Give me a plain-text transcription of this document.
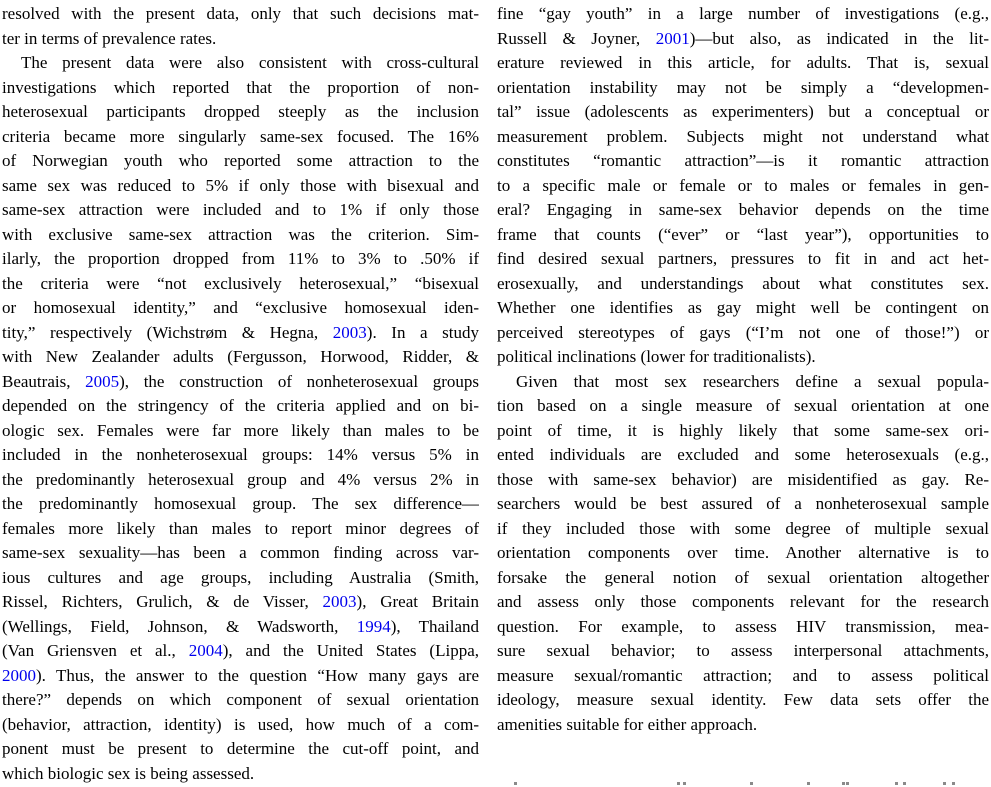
resolved with the present data, only that such decisions mat-
ter in terms of prevalence rates.
The present data were also consistent with cross-cultural
investigations which reported that the proportion of non-
heterosexual participants dropped steeply as the inclusion
criteria became more singularly same-sex focused. The 16%
of Norwegian youth who reported some attraction to the
same sex was reduced to 5% if only those with bisexual and
same-sex attraction were included and to 1% if only those
with exclusive same-sex attraction was the criterion. Sim-
ilarly, the proportion dropped from 11% to 3% to .50% if
the criteria were “not exclusively heterosexual,” “bisexual
or homosexual identity,” and “exclusive homosexual iden-
tity,” respectively (Wichstrøm & Hegna, 2003). In a study
with New Zealander adults (Fergusson, Horwood, Ridder, &
Beautrais, 2005), the construction of nonheterosexual groups
depended on the stringency of the criteria applied and on bi-
ologic sex. Females were far more likely than males to be
included in the nonheterosexual groups: 14% versus 5% in
the predominantly heterosexual group and 4% versus 2% in
the predominantly homosexual group. The sex difference—
females more likely than males to report minor degrees of
same-sex sexuality—has been a common finding across var-
ious cultures and age groups, including Australia (Smith,
Rissel, Richters, Grulich, & de Visser, 2003), Great Britain
(Wellings, Field, Johnson, & Wadsworth, 1994), Thailand
(Van Griensven et al., 2004), and the United States (Lippa,
2000). Thus, the answer to the question “How many gays are
there?” depends on which component of sexual orientation
(behavior, attraction, identity) is used, how much of a com-
ponent must be present to determine the cut-off point, and
which biologic sex is being assessed.
fine “gay youth” in a large number of investigations (e.g.,
Russell & Joyner, 2001)—but also, as indicated in the lit-
erature reviewed in this article, for adults. That is, sexual
orientation instability may not be simply a “developmen-
tal” issue (adolescents as experimenters) but a conceptual or
measurement problem. Subjects might not understand what
constitutes “romantic attraction”—is it romantic attraction
to a specific male or female or to males or females in gen-
eral? Engaging in same-sex behavior depends on the time
frame that counts (“ever” or “last year”), opportunities to
find desired sexual partners, pressures to fit in and act het-
erosexually, and understandings about what constitutes sex.
Whether one identifies as gay might well be contingent on
perceived stereotypes of gays (“I’m not one of those!”) or
political inclinations (lower for traditionalists).
Given that most sex researchers define a sexual popula-
tion based on a single measure of sexual orientation at one
point of time, it is highly likely that some same-sex ori-
ented individuals are excluded and some heterosexuals (e.g.,
those with same-sex behavior) are misidentified as gay. Re-
searchers would be best assured of a nonheterosexual sample
if they included those with some degree of multiple sexual
orientation components over time. Another alternative is to
forsake the general notion of sexual orientation altogether
and assess only those components relevant for the research
question. For example, to assess HIV transmission, mea-
sure sexual behavior; to assess interpersonal attachments,
measure sexual/romantic attraction; and to assess political
ideology, measure sexual identity. Few data sets offer the
amenities suitable for either approach.
